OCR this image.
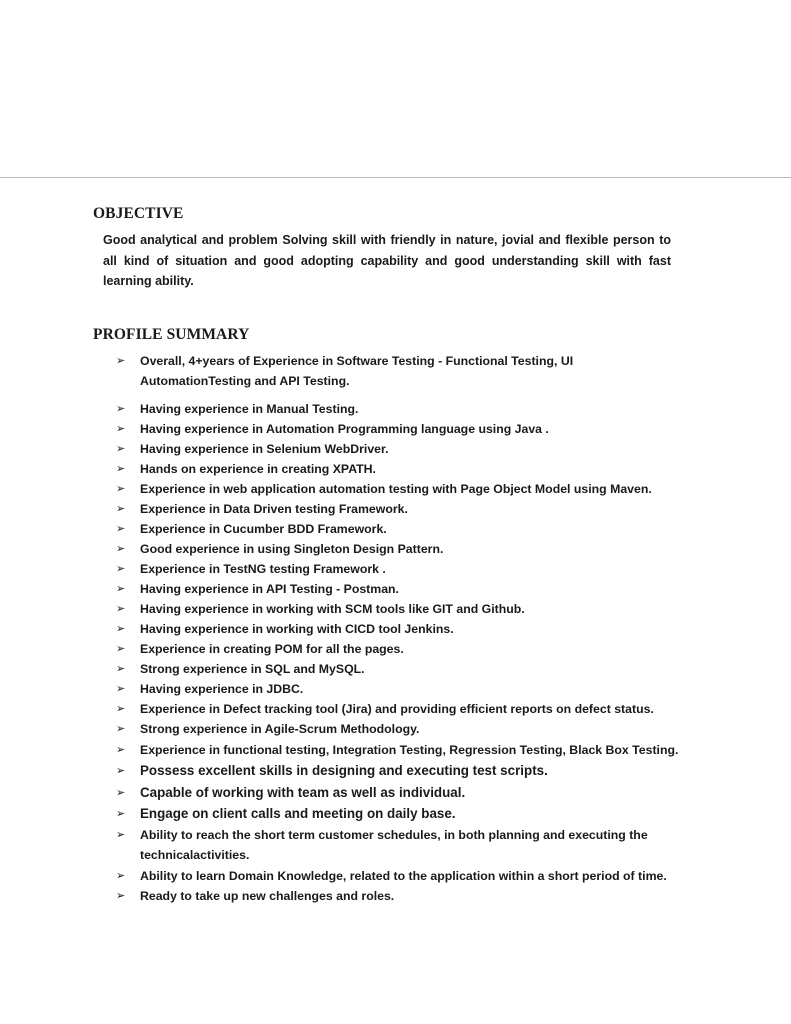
OBJECTIVE

Good analytical and problem Solving skill with friendly in nature, jovial and flexible person to all kind of situation and good adopting capability and good understanding skill with fast learning ability.

PROFILE SUMMARY
➢	Overall, 4+years of Experience in Software Testing - Functional Testing, UI AutomationTesting and API Testing.
➢	Having experience in Manual Testing.
➢	Having experience in Automation Programming language using Java .
➢	Having experience in Selenium WebDriver.
➢	Hands on experience in creating XPATH.
➢	Experience in web application automation testing with Page Object Model using Maven.
➢	Experience in Data Driven testing Framework.
➢	Experience in Cucumber BDD Framework.
➢	Good experience in using Singleton Design Pattern.
➢	Experience in TestNG testing Framework .
➢	Having experience in API Testing - Postman.
➢	Having experience in working with SCM tools like GIT and Github.
➢	Having experience in working with CICD tool Jenkins.
➢	Experience in creating POM for all the pages.
➢	Strong experience in SQL and MySQL.
➢	Having experience in JDBC.
➢	Experience in Defect tracking tool (Jira) and providing efficient reports on defect status.
➢	Strong experience in Agile-Scrum Methodology.
➢	Experience in functional testing, Integration Testing, Regression Testing, Black Box Testing.
➢	Possess excellent skills in designing and executing test scripts.
➢	Capable of working with team as well as individual.
➢	Engage on client calls and meeting on daily base.
➢	Ability to reach the short term customer schedules, in both planning and executing the technicalactivities.
➢	Ability to learn Domain Knowledge, related to the application within a short period of time.
➢	Ready to take up new challenges and roles.
